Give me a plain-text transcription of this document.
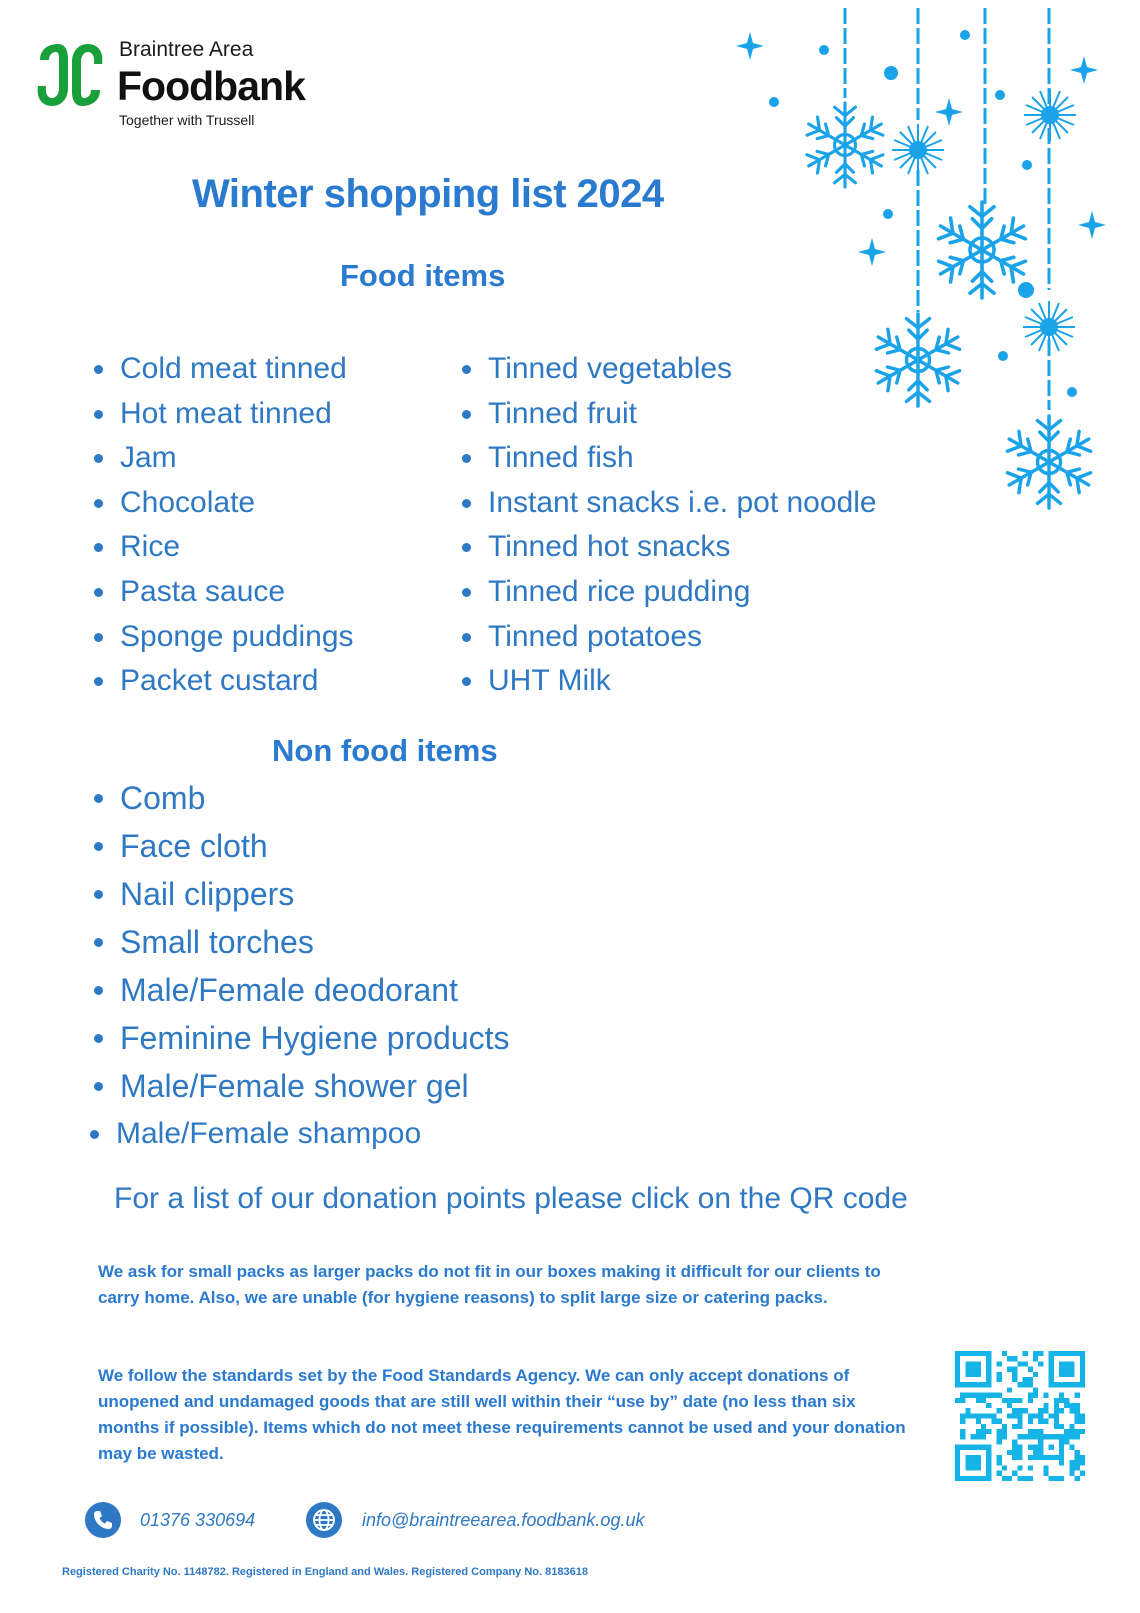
Braintree Area
Foodbank
Together with Trussell
Winter shopping list 2024
Food items
Cold meat tinned
Hot meat tinned
Jam
Chocolate
Rice
Pasta sauce
Sponge puddings
Packet custard
Tinned vegetables
Tinned fruit
Tinned fish
Instant snacks i.e. pot noodle
Tinned hot snacks
Tinned rice pudding
Tinned potatoes
UHT Milk
Non food items
Comb
Face cloth
Nail clippers
Small torches
Male/Female deodorant
Feminine Hygiene products
Male/Female shower gel
Male/Female shampoo
For a list of our donation points please click on the QR code
We ask for small packs as larger packs do not fit in our boxes making it difficult for our clients to carry home. Also, we are unable (for hygiene reasons) to split large size or catering packs.
We follow the standards set by the Food Standards Agency. We can only accept donations of unopened and undamaged goods that are still well within their “use by” date (no less than six months if possible). Items which do not meet these requirements cannot be used and your donation may be wasted.
01376 330694	info@braintreearea.foodbank.og.uk
Registered Charity No. 1148782. Registered in England and Wales. Registered Company No. 8183618
